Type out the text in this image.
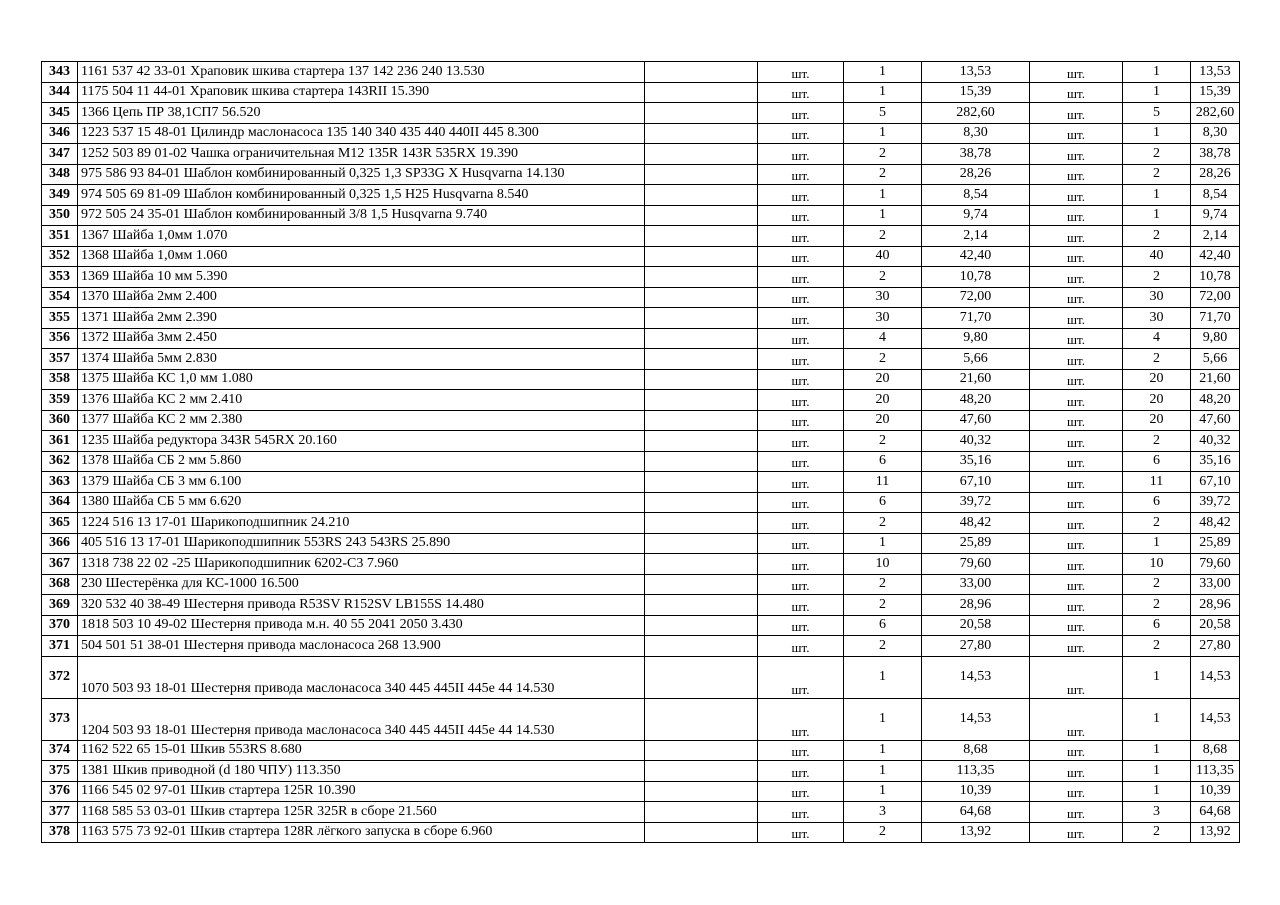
343	1161 537 42 33-01 Храповик шкива стартера 137 142 236 240 13.530		шт.	1	13,53	шт.	1	13,53
344	1175 504 11 44-01 Храповик шкива стартера 143RII 15.390		шт.	1	15,39	шт.	1	15,39
345	1366 Цепь ПР 38,1СП7 56.520		шт.	5	282,60	шт.	5	282,60
346	1223 537 15 48-01 Цилиндр маслонасоса 135 140 340 435 440 440II 445 8.300		шт.	1	8,30	шт.	1	8,30
347	1252 503 89 01-02 Чашка ограничительная M12 135R 143R 535RX 19.390		шт.	2	38,78	шт.	2	38,78
348	975 586 93 84-01 Шаблон комбинированный 0,325 1,3 SP33G X Husqvarna 14.130		шт.	2	28,26	шт.	2	28,26
349	974 505 69 81-09 Шаблон комбинированный 0,325 1,5 H25 Husqvarna 8.540		шт.	1	8,54	шт.	1	8,54
350	972 505 24 35-01 Шаблон комбинированный 3/8 1,5 Husqvarna 9.740		шт.	1	9,74	шт.	1	9,74
351	1367 Шайба 1,0мм 1.070		шт.	2	2,14	шт.	2	2,14
352	1368 Шайба 1,0мм 1.060		шт.	40	42,40	шт.	40	42,40
353	1369 Шайба 10 мм 5.390		шт.	2	10,78	шт.	2	10,78
354	1370 Шайба 2мм 2.400		шт.	30	72,00	шт.	30	72,00
355	1371 Шайба 2мм 2.390		шт.	30	71,70	шт.	30	71,70
356	1372 Шайба 3мм 2.450		шт.	4	9,80	шт.	4	9,80
357	1374 Шайба 5мм 2.830		шт.	2	5,66	шт.	2	5,66
358	1375 Шайба КС 1,0 мм 1.080		шт.	20	21,60	шт.	20	21,60
359	1376 Шайба КС 2 мм 2.410		шт.	20	48,20	шт.	20	48,20
360	1377 Шайба КС 2 мм 2.380		шт.	20	47,60	шт.	20	47,60
361	1235 Шайба редуктора 343R 545RX 20.160		шт.	2	40,32	шт.	2	40,32
362	1378 Шайба СБ 2 мм 5.860		шт.	6	35,16	шт.	6	35,16
363	1379 Шайба СБ 3 мм 6.100		шт.	11	67,10	шт.	11	67,10
364	1380 Шайба СБ 5 мм 6.620		шт.	6	39,72	шт.	6	39,72
365	1224 516 13 17-01 Шарикоподшипник 24.210		шт.	2	48,42	шт.	2	48,42
366	405 516 13 17-01 Шарикоподшипник 553RS 243 543RS 25.890		шт.	1	25,89	шт.	1	25,89
367	1318 738 22 02 -25 Шарикоподшипник 6202-C3 7.960		шт.	10	79,60	шт.	10	79,60
368	230 Шестерёнка для КС-1000 16.500		шт.	2	33,00	шт.	2	33,00
369	320 532 40 38-49 Шестерня привода R53SV R152SV LB155S 14.480		шт.	2	28,96	шт.	2	28,96
370	1818 503 10 49-02 Шестерня привода м.н. 40 55 2041 2050 3.430		шт.	6	20,58	шт.	6	20,58
371	504 501 51 38-01 Шестерня привода маслонасоса 268 13.900		шт.	2	27,80	шт.	2	27,80
372	1070 503 93 18-01 Шестерня привода маслонасоса 340 445 445II 445e 44 14.530		шт.	1	14,53	шт.	1	14,53
373	1204 503 93 18-01 Шестерня привода маслонасоса 340 445 445II 445e 44 14.530		шт.	1	14,53	шт.	1	14,53
374	1162 522 65 15-01 Шкив 553RS 8.680		шт.	1	8,68	шт.	1	8,68
375	1381 Шкив приводной (d 180 ЧПУ) 113.350		шт.	1	113,35	шт.	1	113,35
376	1166 545 02 97-01 Шкив стартера 125R 10.390		шт.	1	10,39	шт.	1	10,39
377	1168 585 53 03-01 Шкив стартера 125R 325R в сборе 21.560		шт.	3	64,68	шт.	3	64,68
378	1163 575 73 92-01 Шкив стартера 128R лёгкого запуска в сборе 6.960		шт.	2	13,92	шт.	2	13,92
